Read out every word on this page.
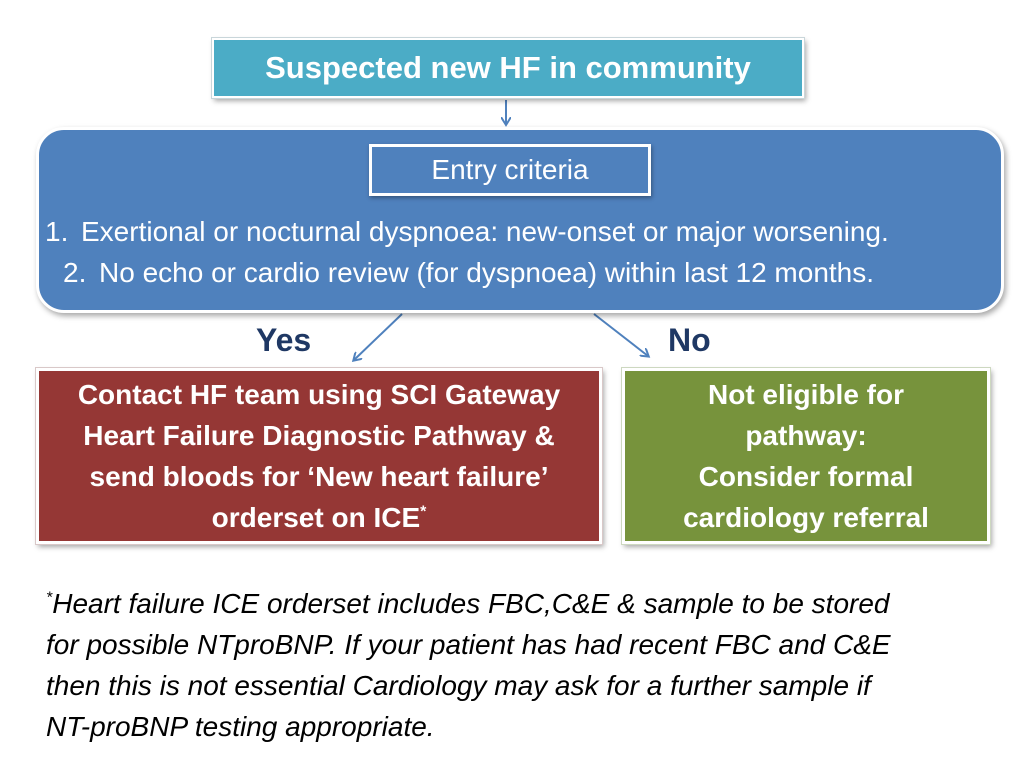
Suspected new HF in community
Entry criteria
1. Exertional or nocturnal dyspnoea: new-onset or major worsening.
2. No echo or cardio review (for dyspnoea) within last 12 months.
Yes	No
Contact HF team using SCI Gateway
Heart Failure Diagnostic Pathway &
send bloods for ‘New heart failure’
orderset on ICE*
Not eligible for
pathway:
Consider formal
cardiology referral
*Heart failure ICE orderset includes FBC,C&E & sample to be stored
for possible NTproBNP. If your patient has had recent FBC and C&E
then this is not essential Cardiology may ask for a further sample if
NT-proBNP testing appropriate.
